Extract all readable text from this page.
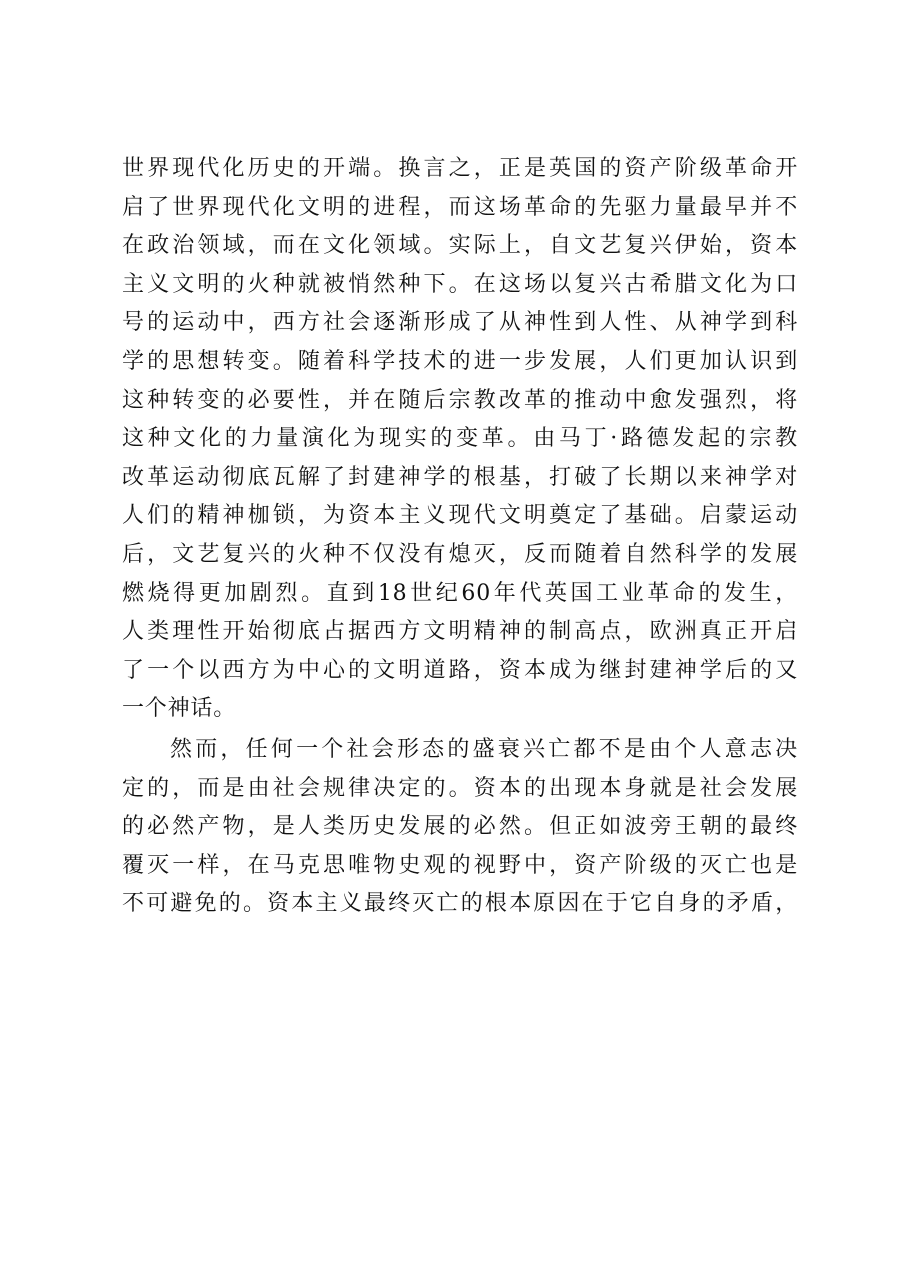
世界现代化历史的开端。换言之，正是英国的资产阶级革命开
启了世界现代化文明的进程，而这场革命的先驱力量最早并不
在政治领域，而在文化领域。实际上，自文艺复兴伊始，资本
主义文明的火种就被悄然种下。在这场以复兴古希腊文化为口
号的运动中，西方社会逐渐形成了从神性到人性、从神学到科
学的思想转变。随着科学技术的进一步发展，人们更加认识到
这种转变的必要性，并在随后宗教改革的推动中愈发强烈，将
这种文化的力量演化为现实的变革。由马丁·路德发起的宗教
改革运动彻底瓦解了封建神学的根基，打破了长期以来神学对
人们的精神枷锁，为资本主义现代文明奠定了基础。启蒙运动
后，文艺复兴的火种不仅没有熄灭，反而随着自然科学的发展
燃烧得更加剧烈。直到18世纪60年代英国工业革命的发生，
人类理性开始彻底占据西方文明精神的制高点，欧洲真正开启
了一个以西方为中心的文明道路，资本成为继封建神学后的又
一个神话。
然而，任何一个社会形态的盛衰兴亡都不是由个人意志决
定的，而是由社会规律决定的。资本的出现本身就是社会发展
的必然产物，是人类历史发展的必然。但正如波旁王朝的最终
覆灭一样，在马克思唯物史观的视野中，资产阶级的灭亡也是
不可避免的。资本主义最终灭亡的根本原因在于它自身的矛盾，
